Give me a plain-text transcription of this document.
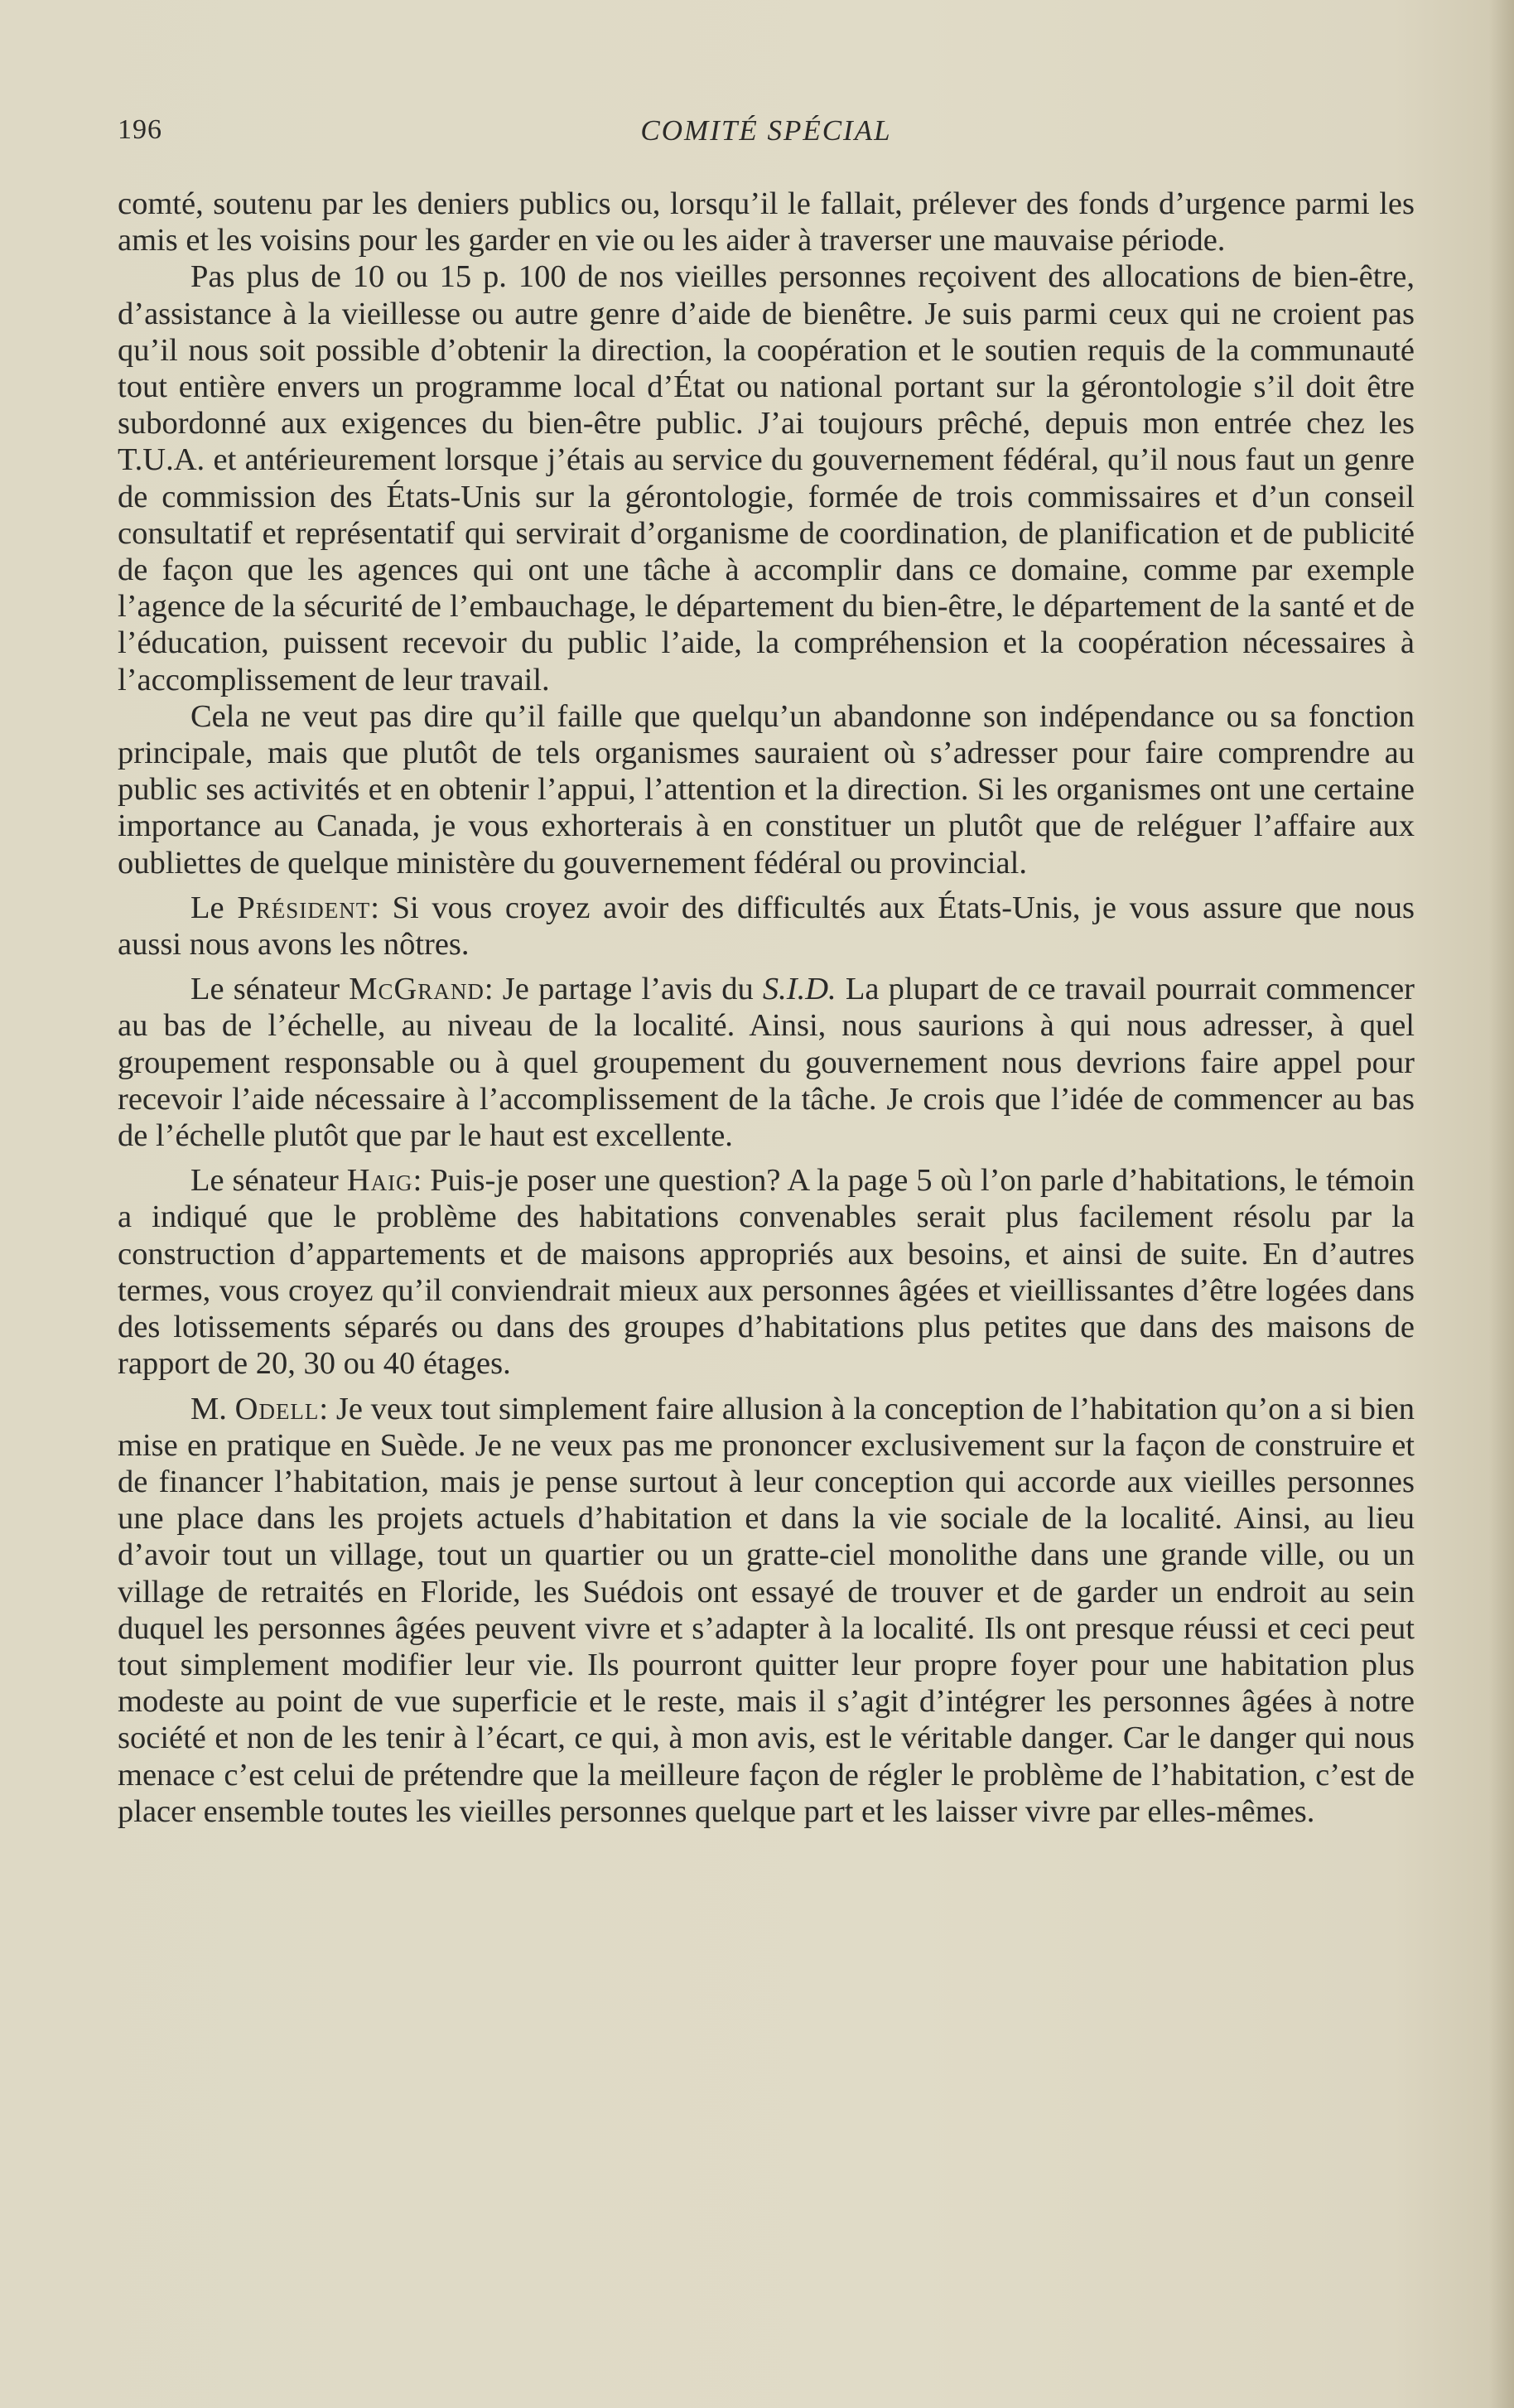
196	COMITÉ SPÉCIAL

comté, soutenu par les deniers publics ou, lorsqu’il le fallait, prélever des fonds d’urgence parmi les amis et les voisins pour les garder en vie ou les aider à traverser une mauvaise période.

Pas plus de 10 ou 15 p. 100 de nos vieilles personnes reçoivent des allocations de bien-être, d’assistance à la vieillesse ou autre genre d’aide de bienêtre. Je suis parmi ceux qui ne croient pas qu’il nous soit possible d’obtenir la direction, la coopération et le soutien requis de la communauté tout entière envers un programme local d’État ou national portant sur la gérontologie s’il doit être subordonné aux exigences du bien-être public. J’ai toujours prêché, depuis mon entrée chez les T.U.A. et antérieurement lorsque j’étais au service du gouvernement fédéral, qu’il nous faut un genre de commission des États-Unis sur la gérontologie, formée de trois commissaires et d’un conseil consultatif et représentatif qui servirait d’organisme de coordination, de planification et de publicité de façon que les agences qui ont une tâche à accomplir dans ce domaine, comme par exemple l’agence de la sécurité de l’embauchage, le département du bien-être, le département de la santé et de l’éducation, puissent recevoir du public l’aide, la compréhension et la coopération nécessaires à l’accomplissement de leur travail.

Cela ne veut pas dire qu’il faille que quelqu’un abandonne son indépendance ou sa fonction principale, mais que plutôt de tels organismes sauraient où s’adresser pour faire comprendre au public ses activités et en obtenir l’appui, l’attention et la direction. Si les organismes ont une certaine importance au Canada, je vous exhorterais à en constituer un plutôt que de reléguer l’affaire aux oubliettes de quelque ministère du gouvernement fédéral ou provincial.

Le Président: Si vous croyez avoir des difficultés aux États-Unis, je vous assure que nous aussi nous avons les nôtres.

Le sénateur McGrand: Je partage l’avis du S.I.D. La plupart de ce travail pourrait commencer au bas de l’échelle, au niveau de la localité. Ainsi, nous saurions à qui nous adresser, à quel groupement responsable ou à quel groupement du gouvernement nous devrions faire appel pour recevoir l’aide nécessaire à l’accomplissement de la tâche. Je crois que l’idée de commencer au bas de l’échelle plutôt que par le haut est excellente.

Le sénateur Haig: Puis-je poser une question? A la page 5 où l’on parle d’habitations, le témoin a indiqué que le problème des habitations convenables serait plus facilement résolu par la construction d’appartements et de maisons appropriés aux besoins, et ainsi de suite. En d’autres termes, vous croyez qu’il conviendrait mieux aux personnes âgées et vieillissantes d’être logées dans des lotissements séparés ou dans des groupes d’habitations plus petites que dans des maisons de rapport de 20, 30 ou 40 étages.

M. Odell: Je veux tout simplement faire allusion à la conception de l’habitation qu’on a si bien mise en pratique en Suède. Je ne veux pas me prononcer exclusivement sur la façon de construire et de financer l’habitation, mais je pense surtout à leur conception qui accorde aux vieilles personnes une place dans les projets actuels d’habitation et dans la vie sociale de la localité. Ainsi, au lieu d’avoir tout un village, tout un quartier ou un gratte-ciel monolithe dans une grande ville, ou un village de retraités en Floride, les Suédois ont essayé de trouver et de garder un endroit au sein duquel les personnes âgées peuvent vivre et s’adapter à la localité. Ils ont presque réussi et ceci peut tout simplement modifier leur vie. Ils pourront quitter leur propre foyer pour une habitation plus modeste au point de vue superficie et le reste, mais il s’agit d’intégrer les personnes âgées à notre société et non de les tenir à l’écart, ce qui, à mon avis, est le véritable danger. Car le danger qui nous menace c’est celui de prétendre que la meilleure façon de régler le problème de l’habitation, c’est de placer ensemble toutes les vieilles personnes quelque part et les laisser vivre par elles-mêmes.
